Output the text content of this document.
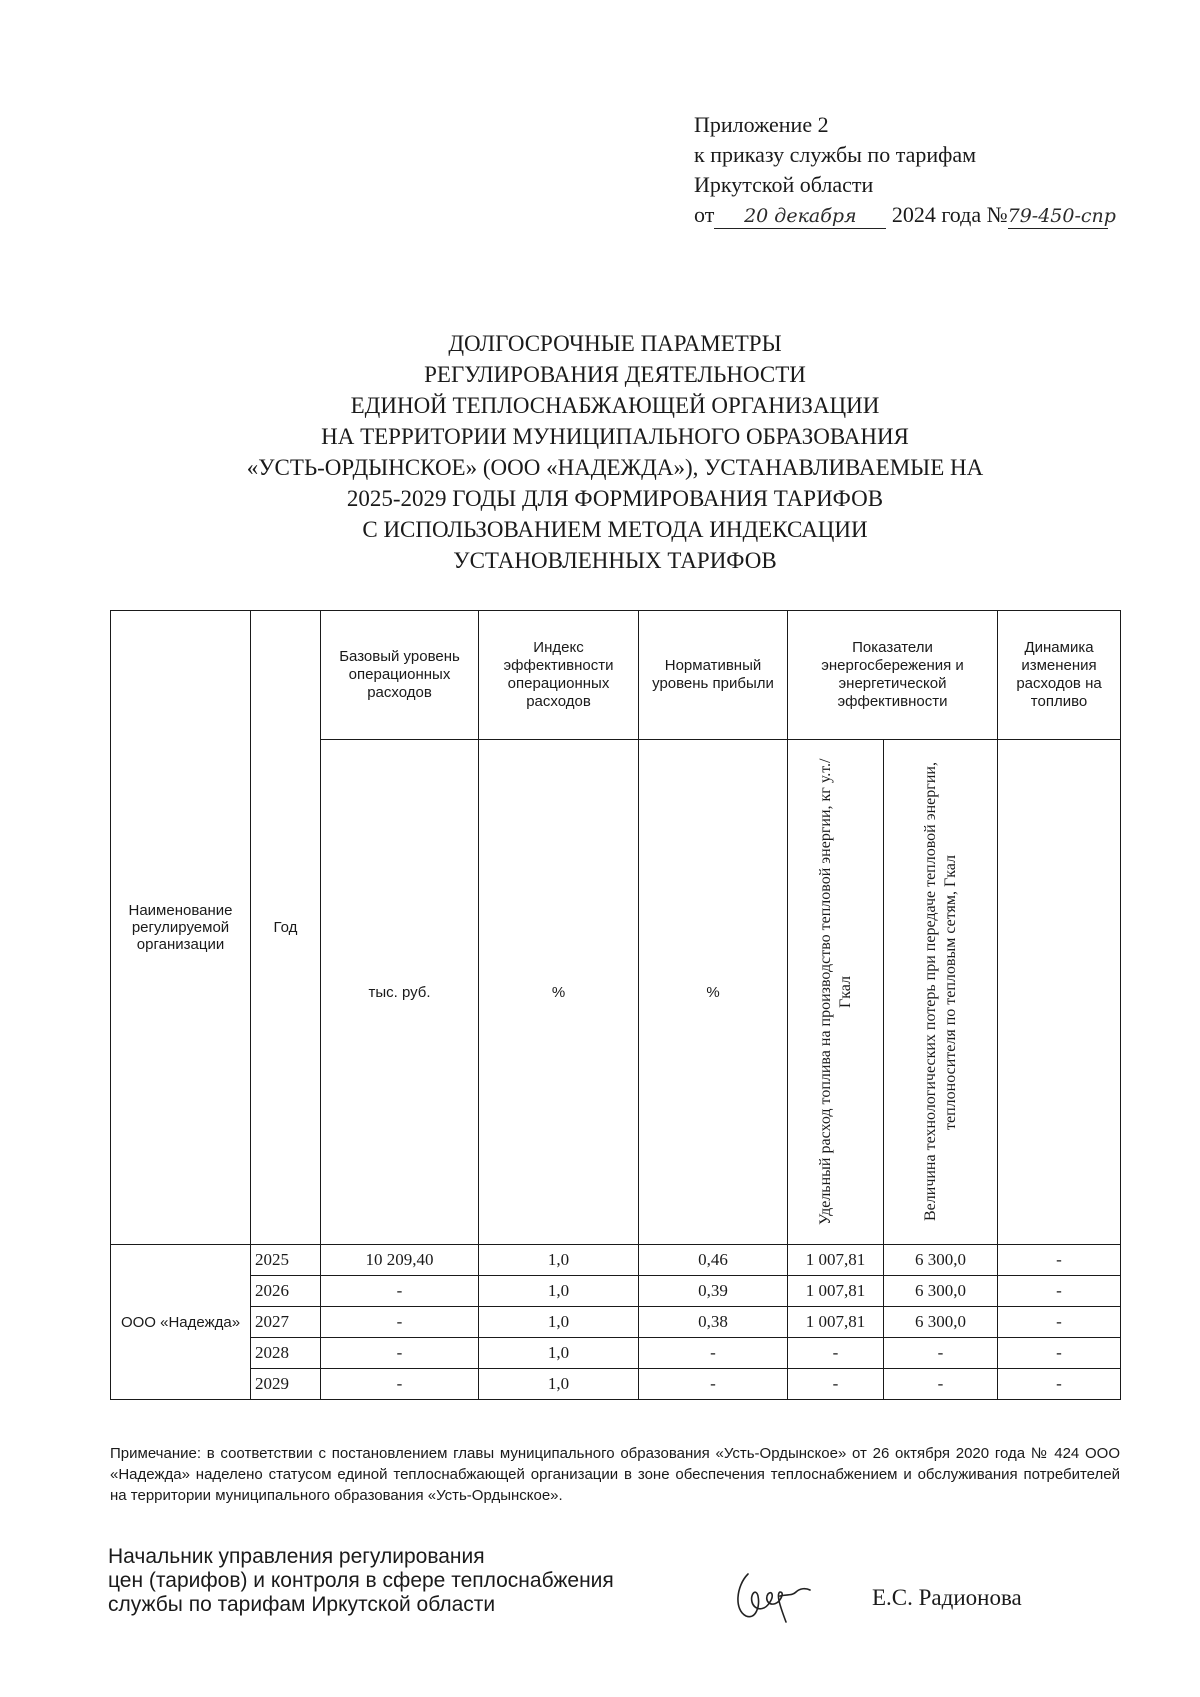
Приложение 2
к приказу службы по тарифам
Иркутской области
от 20 декабря 2024 года №79-450-спр
ДОЛГОСРОЧНЫЕ ПАРАМЕТРЫ
РЕГУЛИРОВАНИЯ ДЕЯТЕЛЬНОСТИ
ЕДИНОЙ ТЕПЛОСНАБЖАЮЩЕЙ ОРГАНИЗАЦИИ
НА ТЕРРИТОРИИ МУНИЦИПАЛЬНОГО ОБРАЗОВАНИЯ
«УСТЬ-ОРДЫНСКОЕ» (ООО «НАДЕЖДА»), УСТАНАВЛИВАЕМЫЕ НА
2025-2029 ГОДЫ ДЛЯ ФОРМИРОВАНИЯ ТАРИФОВ
С ИСПОЛЬЗОВАНИЕМ МЕТОДА ИНДЕКСАЦИИ
УСТАНОВЛЕННЫХ ТАРИФОВ
Наименование регулируемой организации	Год	Базовый уровень операционных расходов	Индекс эффективности операционных расходов	Нормативный уровень прибыли	Показатели энергосбережения и энергетической эффективности		Динамика изменения расходов на топливо
		тыс. руб.	%	%	Удельный расход топлива на производство тепловой энергии, кг у.т./Гкал	Величина технологических потерь при передаче тепловой энергии, теплоносителя по тепловым сетям, Гкал	

ООО «Надежда»	2025	10 209,40	1,0	0,46	1 007,81	6 300,0	-
	2026	-	1,0	0,39	1 007,81	6 300,0	-
	2027	-	1,0	0,38	1 007,81	6 300,0	-
	2028	-	1,0	-	-	-	-
	2029	-	1,0	-	-	-	-
Примечание: в соответствии с постановлением главы муниципального образования «Усть-Ордынское» от 26 октября 2020 года № 424 ООО «Надежда» наделено статусом единой теплоснабжающей организации в зоне обеспечения теплоснабжением и обслуживания потребителей на территории муниципального образования «Усть-Ордынское».
Начальник управления регулирования
цен (тарифов) и контроля в сфере теплоснабжения
службы по тарифам Иркутской области	Е.С. Радионова
